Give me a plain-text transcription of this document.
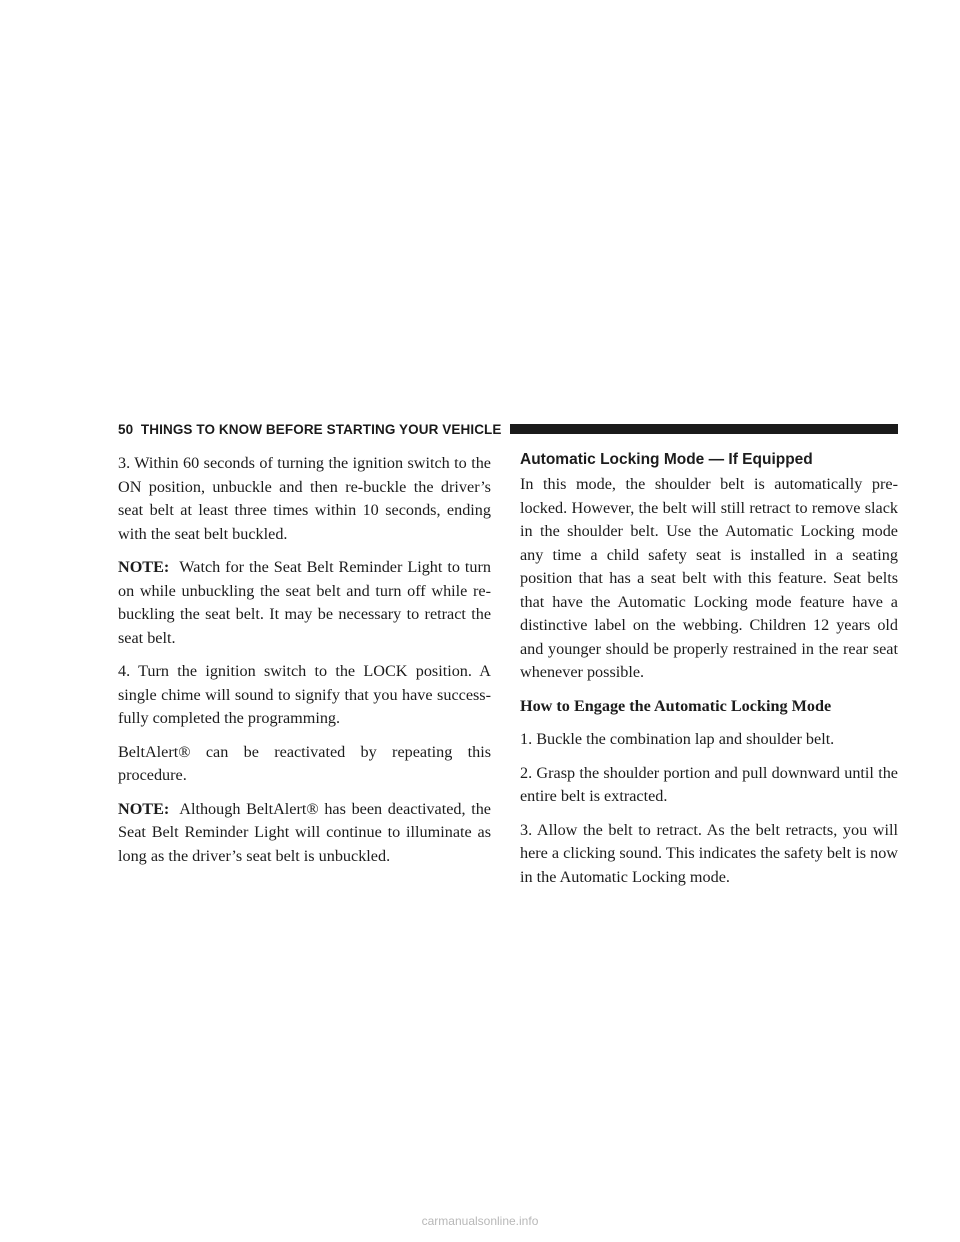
50 THINGS TO KNOW BEFORE STARTING YOUR VEHICLE

3. Within 60 seconds of turning the ignition switch to the ON position, unbuckle and then re-buckle the driver’s seat belt at least three times within 10 seconds, ending with the seat belt buckled.

NOTE: Watch for the Seat Belt Reminder Light to turn on while unbuckling the seat belt and turn off while re-buckling the seat belt. It may be necessary to retract the seat belt.

4. Turn the ignition switch to the LOCK position. A single chime will sound to signify that you have success-fully completed the programming.

BeltAlert® can be reactivated by repeating this procedure.

NOTE: Although BeltAlert® has been deactivated, the Seat Belt Reminder Light will continue to illuminate as long as the driver’s seat belt is unbuckled.

Automatic Locking Mode — If Equipped

In this mode, the shoulder belt is automatically pre-locked. However, the belt will still retract to remove slack in the shoulder belt. Use the Automatic Locking mode any time a child safety seat is installed in a seating position that has a seat belt with this feature. Seat belts that have the Automatic Locking mode feature have a distinctive label on the webbing. Children 12 years old and younger should be properly restrained in the rear seat whenever possible.

How to Engage the Automatic Locking Mode

1. Buckle the combination lap and shoulder belt.

2. Grasp the shoulder portion and pull downward until the entire belt is extracted.

3. Allow the belt to retract. As the belt retracts, you will here a clicking sound. This indicates the safety belt is now in the Automatic Locking mode.

carmanualsonline.info
